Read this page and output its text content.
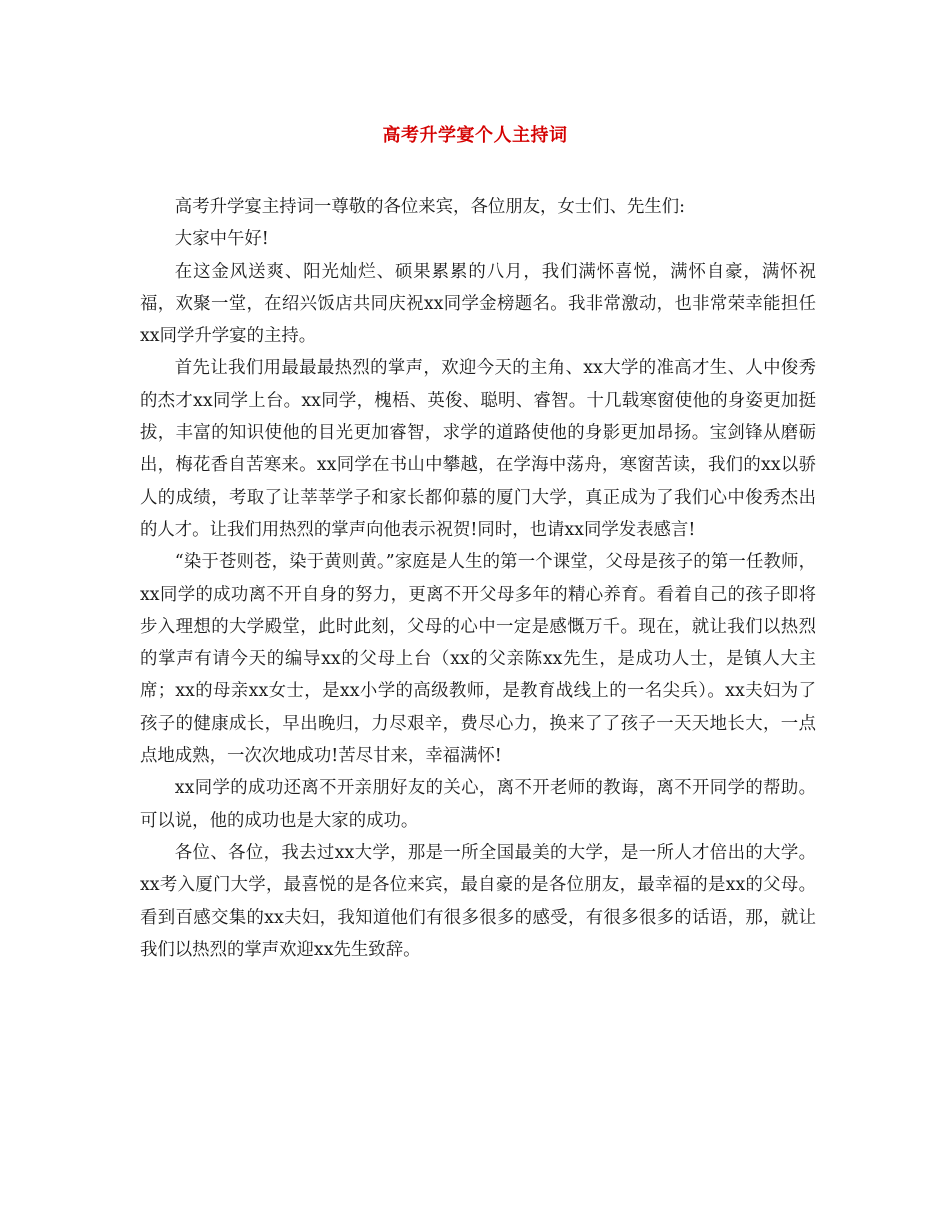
高考升学宴个人主持词

高考升学宴主持词一尊敬的各位来宾，各位朋友，女士们、先生们:

大家中午好!

在这金风送爽、阳光灿烂、硕果累累的八月，我们满怀喜悦，满怀自豪，满怀祝福，欢聚一堂，在绍兴饭店共同庆祝xx同学金榜题名。我非常激动，也非常荣幸能担任xx同学升学宴的主持。

首先让我们用最最最热烈的掌声，欢迎今天的主角、xx大学的准高才生、人中俊秀的杰才xx同学上台。xx同学，槐梧、英俊、聪明、睿智。十几载寒窗使他的身姿更加挺拔，丰富的知识使他的目光更加睿智，求学的道路使他的身影更加昂扬。宝剑锋从磨砺出，梅花香自苦寒来。xx同学在书山中攀越，在学海中荡舟，寒窗苦读，我们的xx以骄人的成绩，考取了让莘莘学子和家长都仰慕的厦门大学，真正成为了我们心中俊秀杰出的人才。让我们用热烈的掌声向他表示祝贺!同时，也请xx同学发表感言!

“染于苍则苍，染于黄则黄。”家庭是人生的第一个课堂，父母是孩子的第一任教师，xx同学的成功离不开自身的努力，更离不开父母多年的精心养育。看着自己的孩子即将步入理想的大学殿堂，此时此刻，父母的心中一定是感慨万千。现在，就让我们以热烈的掌声有请今天的编导xx的父母上台（xx的父亲陈xx先生，是成功人士，是镇人大主席；xx的母亲xx女士，是xx小学的高级教师，是教育战线上的一名尖兵）。xx夫妇为了孩子的健康成长，早出晚归，力尽艰辛，费尽心力，换来了了孩子一天天地长大，一点点地成熟，一次次地成功!苦尽甘来，幸福满怀!

xx同学的成功还离不开亲朋好友的关心，离不开老师的教诲，离不开同学的帮助。可以说，他的成功也是大家的成功。

各位、各位，我去过xx大学，那是一所全国最美的大学，是一所人才倍出的大学。xx考入厦门大学，最喜悦的是各位来宾，最自豪的是各位朋友，最幸福的是xx的父母。看到百感交集的xx夫妇，我知道他们有很多很多的感受，有很多很多的话语，那，就让我们以热烈的掌声欢迎xx先生致辞。
